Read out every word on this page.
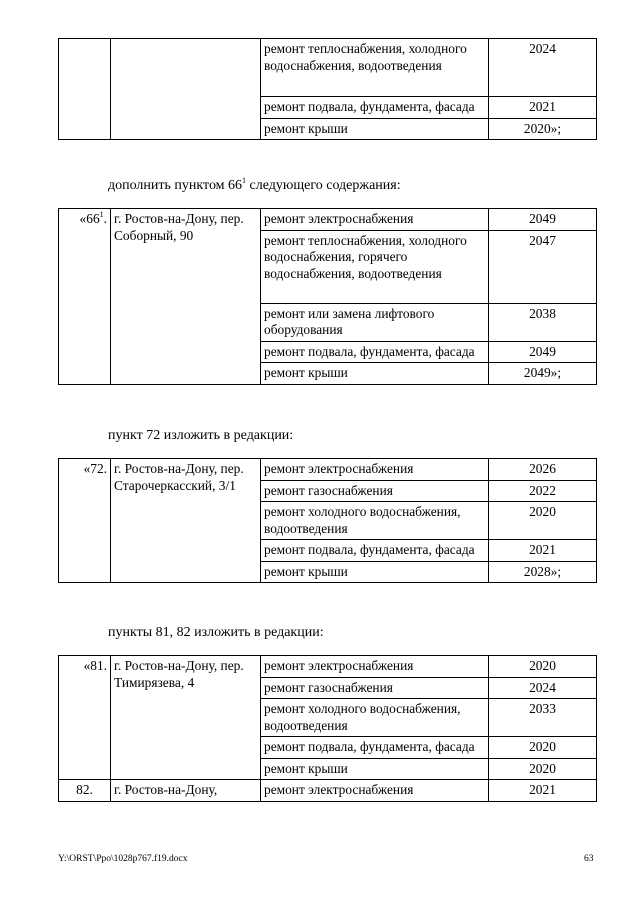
		ремонт теплоснабжения, холодного водоснабжения, водоотведения	2024
		ремонт подвала, фундамента, фасада	2021
		ремонт крыши	2020»;
дополнить пунктом $66^1$ следующего содержания:
«$66^1$.	г. Ростов-на-Дону, пер. Соборный, 90	ремонт электроснабжения	2049
		ремонт теплоснабжения, холодного водоснабжения, горячего водоснабжения, водоотведения	2047
		ремонт или замена лифтового оборудования	2038
		ремонт подвала, фундамента, фасада	2049
		ремонт крыши	2049»;
пункт 72 изложить в редакции:
«72.	г. Ростов-на-Дону, пер. Старочеркасский, 3/1	ремонт электроснабжения	2026
		ремонт газоснабжения	2022
		ремонт холодного водоснабжения, водоотведения	2020
		ремонт подвала, фундамента, фасада	2021
		ремонт крыши	2028»;
пункты 81, 82 изложить в редакции:
«81.	г. Ростов-на-Дону, пер. Тимирязева, 4	ремонт электроснабжения	2020
		ремонт газоснабжения	2024
		ремонт холодного водоснабжения, водоотведения	2033
		ремонт подвала, фундамента, фасада	2020
		ремонт крыши	2020
82.	г. Ростов-на-Дону,	ремонт электроснабжения	2021
Y:\ORST\Ppo\1028p767.f19.docx	63
